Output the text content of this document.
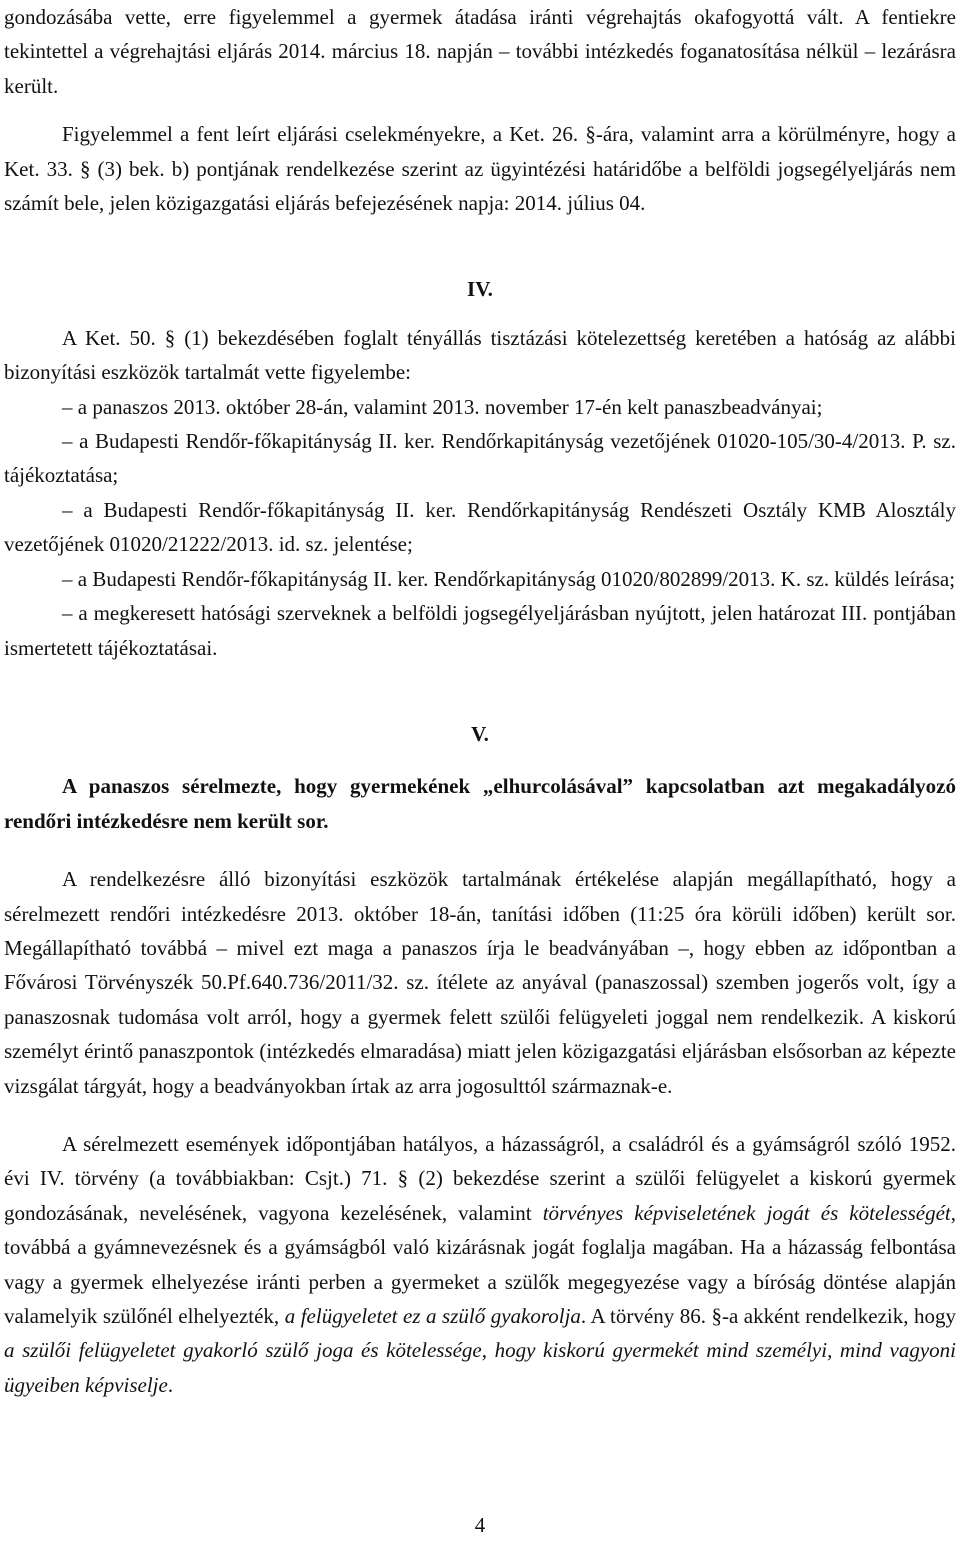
gondozásába vette, erre figyelemmel a gyermek átadása iránti végrehajtás okafogyottá vált. A fentiekre tekintettel a végrehajtási eljárás 2014. március 18. napján – további intézkedés foganatosítása nélkül – lezárásra került.

Figyelemmel a fent leírt eljárási cselekményekre, a Ket. 26. §-ára, valamint arra a körülményre, hogy a Ket. 33. § (3) bek. b) pontjának rendelkezése szerint az ügyintézési határidőbe a belföldi jogsegélyeljárás nem számít bele, jelen közigazgatási eljárás befejezésének napja: 2014. július 04.

IV.

A Ket. 50. § (1) bekezdésében foglalt tényállás tisztázási kötelezettség keretében a hatóság az alábbi bizonyítási eszközök tartalmát vette figyelembe:

– a panaszos 2013. október 28-án, valamint 2013. november 17-én kelt panaszbeadványai;

– a Budapesti Rendőr-főkapitányság II. ker. Rendőrkapitányság vezetőjének 01020-105/30-4/2013. P. sz. tájékoztatása;

– a Budapesti Rendőr-főkapitányság II. ker. Rendőrkapitányság Rendészeti Osztály KMB Alosztály vezetőjének 01020/21222/2013. id. sz. jelentése;

– a Budapesti Rendőr-főkapitányság II. ker. Rendőrkapitányság 01020/802899/2013. K. sz. küldés leírása;

– a megkeresett hatósági szerveknek a belföldi jogsegélyeljárásban nyújtott, jelen határozat III. pontjában ismertetett tájékoztatásai.

V.

A panaszos sérelmezte, hogy gyermekének „elhurcolásával” kapcsolatban azt megakadályozó rendőri intézkedésre nem került sor.

A rendelkezésre álló bizonyítási eszközök tartalmának értékelése alapján megállapítható, hogy a sérelmezett rendőri intézkedésre 2013. október 18-án, tanítási időben (11:25 óra körüli időben) került sor. Megállapítható továbbá – mivel ezt maga a panaszos írja le beadványában –, hogy ebben az időpontban a Fővárosi Törvényszék 50.Pf.640.736/2011/32. sz. ítélete az anyával (panaszossal) szemben jogerős volt, így a panaszosnak tudomása volt arról, hogy a gyermek felett szülői felügyeleti joggal nem rendelkezik. A kiskorú személyt érintő panaszpontok (intézkedés elmaradása) miatt jelen közigazgatási eljárásban elsősorban az képezte vizsgálat tárgyát, hogy a beadványokban írtak az arra jogosulttól származnak-e.

A sérelmezett események időpontjában hatályos, a házasságról, a családról és a gyámságról szóló 1952. évi IV. törvény (a továbbiakban: Csjt.) 71. § (2) bekezdése szerint a szülői felügyelet a kiskorú gyermek gondozásának, nevelésének, vagyona kezelésének, valamint törvényes képviseletének jogát és kötelességét, továbbá a gyámnevezésnek és a gyámságból való kizárásnak jogát foglalja magában. Ha a házasság felbontása vagy a gyermek elhelyezése iránti perben a gyermeket a szülők megegyezése vagy a bíróság döntése alapján valamelyik szülőnél elhelyezték, a felügyeletet ez a szülő gyakorolja. A törvény 86. §-a akként rendelkezik, hogy a szülői felügyeletet gyakorló szülő joga és kötelessége, hogy kiskorú gyermekét mind személyi, mind vagyoni ügyeiben képviselje.

4
